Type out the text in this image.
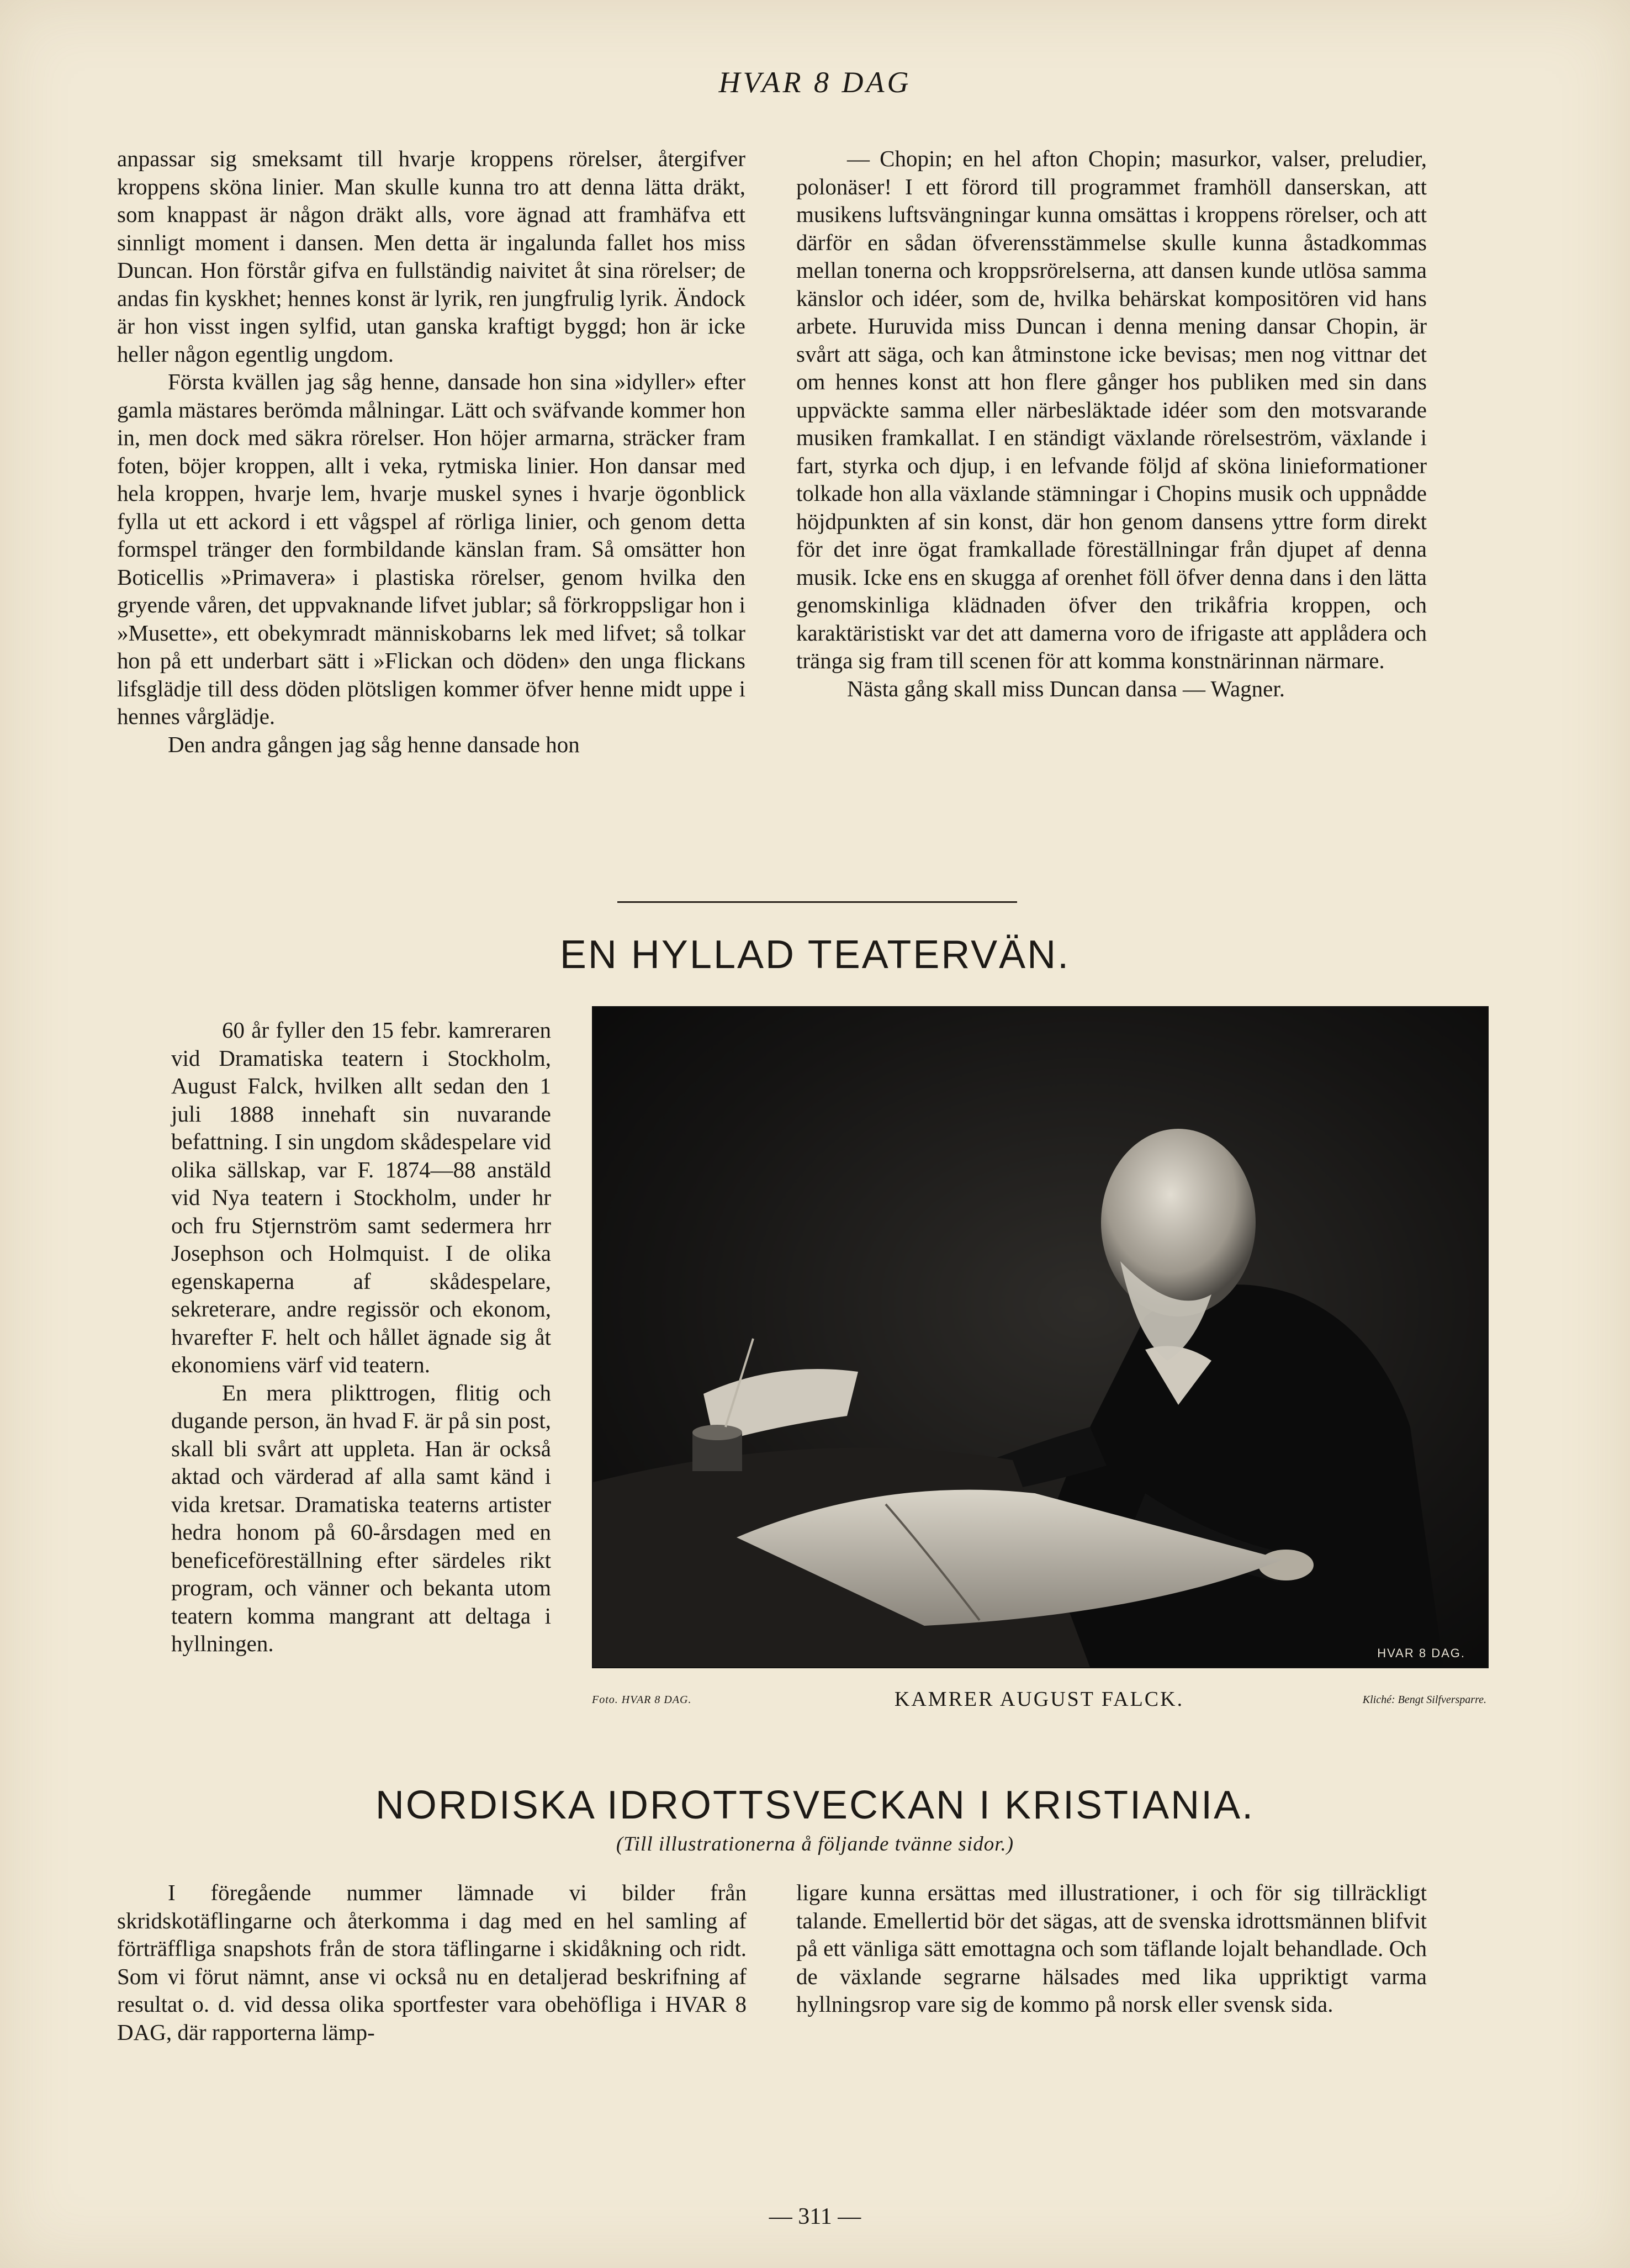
HVAR 8 DAG

anpassar sig smeksamt till hvarje kroppens rörelser, återgifver kroppens sköna linier. Man skulle kunna tro att denna lätta dräkt, som knappast är någon dräkt alls, vore ägnad att framhäfva ett sinnligt moment i dansen. Men detta är ingalunda fallet hos miss Duncan. Hon förstår gifva en fullständig naivitet åt sina rörelser; de andas fin kyskhet; hennes konst är lyrik, ren jungfrulig lyrik. Ändock är hon visst ingen sylfid, utan ganska kraftigt byggd; hon är icke heller någon egentlig ungdom.

Första kvällen jag såg henne, dansade hon sina »idyller» efter gamla mästares berömda målningar. Lätt och sväfvande kommer hon in, men dock med säkra rörelser. Hon höjer armarna, sträcker fram foten, böjer kroppen, allt i veka, rytmiska linier. Hon dansar med hela kroppen, hvarje lem, hvarje muskel synes i hvarje ögonblick fylla ut ett ackord i ett vågspel af rörliga linier, och genom detta formspel tränger den formbildande känslan fram. Så omsätter hon Boticellis »Primavera» i plastiska rörelser, genom hvilka den gryende våren, det uppvaknande lifvet jublar; så förkroppsligar hon i »Musette», ett obekymradt människobarns lek med lifvet; så tolkar hon på ett underbart sätt i »Flickan och döden» den unga flickans lifsglädje till dess döden plötsligen kommer öfver henne midt uppe i hennes vårglädje.

Den andra gången jag såg henne dansade hon

— Chopin; en hel afton Chopin; masurkor, valser, preludier, polonäser! I ett förord till programmet framhöll danserskan, att musikens luftsvängningar kunna omsättas i kroppens rörelser, och att därför en sådan öfverensstämmelse skulle kunna åstadkommas mellan tonerna och kroppsrörelserna, att dansen kunde utlösa samma känslor och idéer, som de, hvilka behärskat kompositören vid hans arbete. Huruvida miss Duncan i denna mening dansar Chopin, är svårt att säga, och kan åtminstone icke bevisas; men nog vittnar det om hennes konst att hon flere gånger hos publiken med sin dans uppväckte samma eller närbesläktade idéer som den motsvarande musiken framkallat. I en ständigt växlande rörelseström, växlande i fart, styrka och djup, i en lefvande följd af sköna linieformationer tolkade hon alla växlande stämningar i Chopins musik och uppnådde höjdpunkten af sin konst, där hon genom dansens yttre form direkt för det inre ögat framkallade föreställningar från djupet af denna musik. Icke ens en skugga af orenhet föll öfver denna dans i den lätta genomskinliga klädnaden öfver den trikåfria kroppen, och karaktäristiskt var det att damerna voro de ifrigaste att applådera och tränga sig fram till scenen för att komma konstnärinnan närmare.

Nästa gång skall miss Duncan dansa — Wagner.

EN HYLLAD TEATERVÄN.

60 år fyller den 15 febr. kamreraren vid Dramatiska teatern i Stockholm, August Falck, hvilken allt sedan den 1 juli 1888 innehaft sin nuvarande befattning. I sin ungdom skådespelare vid olika sällskap, var F. 1874—88 anstäld vid Nya teatern i Stockholm, under hr och fru Stjernström samt sedermera hrr Josephson och Holmquist. I de olika egenskaperna af skådespelare, sekreterare, andre regissör och ekonom, hvarefter F. helt och hållet ägnade sig åt ekonomiens värf vid teatern.

En mera plikttrogen, flitig och dugande person, än hvad F. är på sin post, skall bli svårt att uppleta. Han är också aktad och värderad af alla samt känd i vida kretsar. Dramatiska teaterns artister hedra honom på 60-årsdagen med en beneficeföreställning efter särdeles rikt program, och vänner och bekanta utom teatern komma mangrant att deltaga i hyllningen.	HVAR 8 DAG.
Foto. HVAR 8 DAG.	KAMRER AUGUST FALCK.	Kliché: Bengt Silfversparre.
NORDISKA IDROTTSVECKAN I KRISTIANIA.
(Till illustrationerna å följande tvänne sidor.)

I föregående nummer lämnade vi bilder från skridskotäflingarne och återkomma i dag med en hel samling af förträffliga snapshots från de stora täflingarne i skidåkning och ridt. Som vi förut nämnt, anse vi också nu en detaljerad beskrifning af resultat o. d. vid dessa olika sportfester vara obehöfliga i HVAR 8 DAG, där rapporterna lämp-

ligare kunna ersättas med illustrationer, i och för sig tillräckligt talande. Emellertid bör det sägas, att de svenska idrottsmännen blifvit på ett vänliga sätt emottagna och som täflande lojalt behandlade. Och de växlande segrarne hälsades med lika uppriktigt varma hyllningsrop vare sig de kommo på norsk eller svensk sida.

— 311 —
